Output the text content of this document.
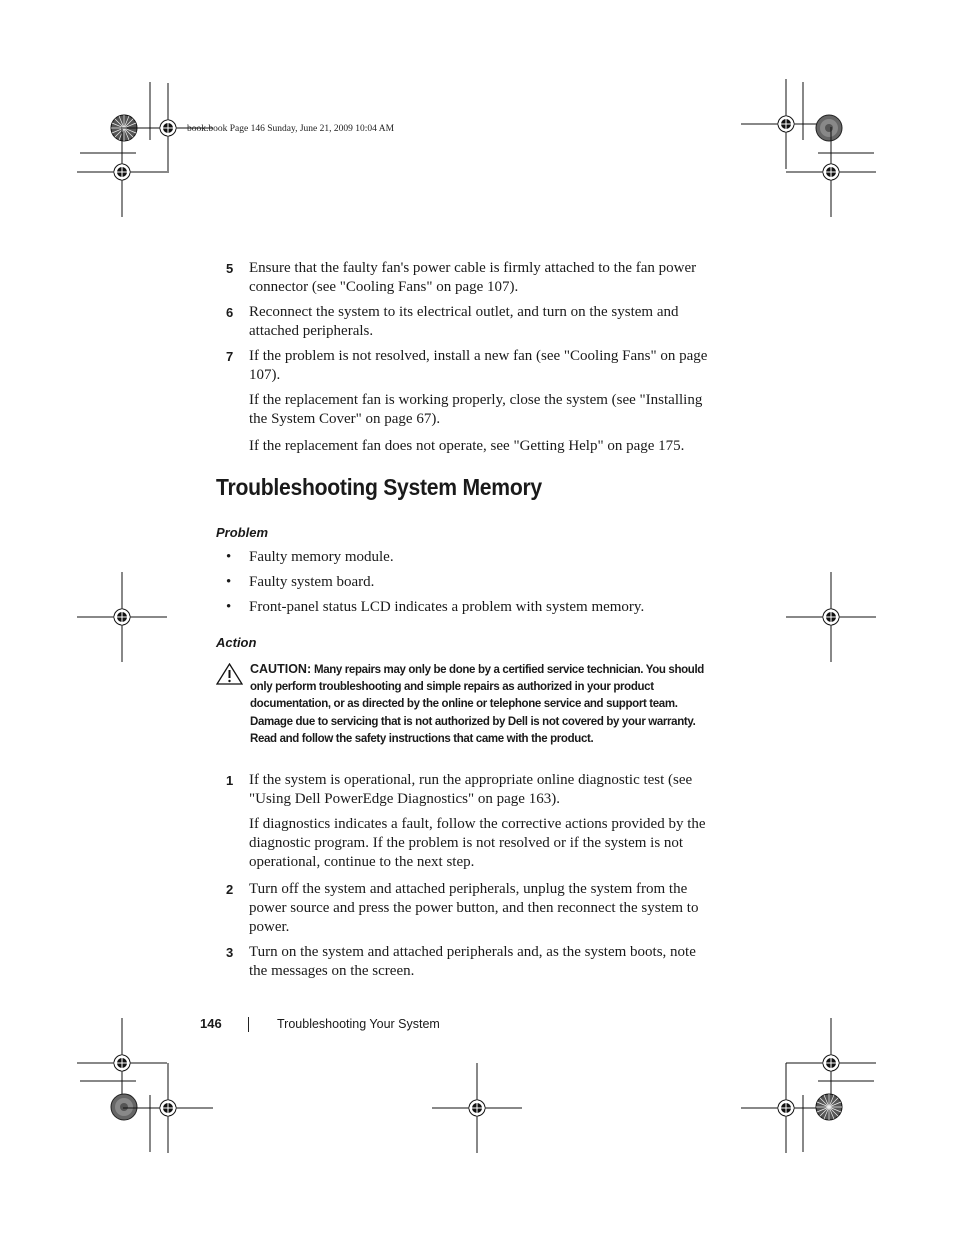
book.book Page 146 Sunday, June 21, 2009 10:04 AM
5 Ensure that the faulty fan's power cable is firmly attached to the fan power connector (see "Cooling Fans" on page 107).
6 Reconnect the system to its electrical outlet, and turn on the system and attached peripherals.
7 If the problem is not resolved, install a new fan (see "Cooling Fans" on page 107).
If the replacement fan is working properly, close the system (see "Installing the System Cover" on page 67).
If the replacement fan does not operate, see "Getting Help" on page 175.
Troubleshooting System Memory
Problem
• Faulty memory module.
• Faulty system board.
• Front-panel status LCD indicates a problem with system memory.
Action
CAUTION: Many repairs may only be done by a certified service technician. You should only perform troubleshooting and simple repairs as authorized in your product documentation, or as directed by the online or telephone service and support team. Damage due to servicing that is not authorized by Dell is not covered by your warranty. Read and follow the safety instructions that came with the product.
1 If the system is operational, run the appropriate online diagnostic test (see "Using Dell PowerEdge Diagnostics" on page 163).
If diagnostics indicates a fault, follow the corrective actions provided by the diagnostic program. If the problem is not resolved or if the system is not operational, continue to the next step.
2 Turn off the system and attached peripherals, unplug the system from the power source and press the power button, and then reconnect the system to power.
3 Turn on the system and attached peripherals and, as the system boots, note the messages on the screen.
146	Troubleshooting Your System
